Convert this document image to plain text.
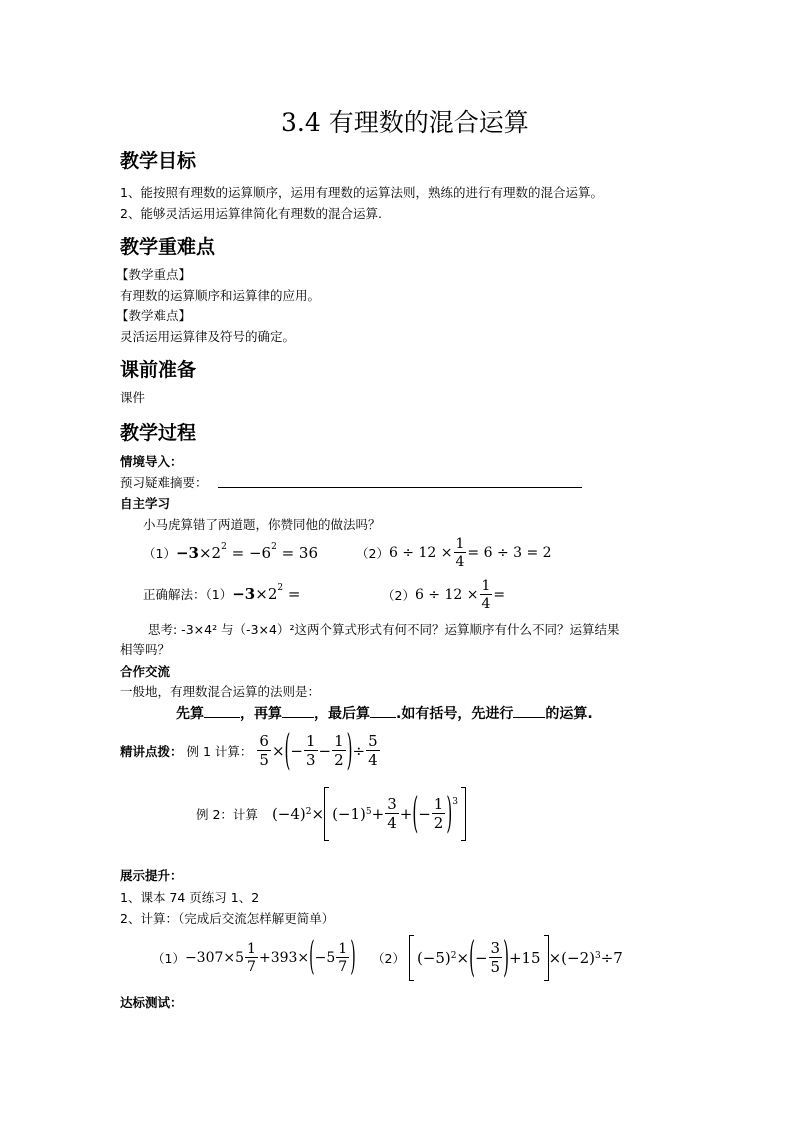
3.4 有理数的混合运算
教学目标
1、能按照有理数的运算顺序，运用有理数的运算法则，熟练的进行有理数的混合运算。
2、能够灵活运用运算律简化有理数的混合运算.
教学重难点
【教学重点】
有理数的运算顺序和运算律的应用。
【教学难点】
灵活运用运算律及符号的确定。
课前准备
课件
教学过程
情境导入：
预习疑难摘要：
自主学习
小马虎算错了两道题，你赞同他的做法吗？
$(1) -3\times 2^2 = -6^2 = 36$	（2） $6 \div 12 \times \frac{1}{4} = 6 \div 3 = 2$
正确解法：$(1) -3\times 2^2$ =	（2） $6 \div 12 \times \frac{1}{4}$ =
思考: -3×4² 与（-3×4）²这两个算式形式有何不同？运算顺序有什么不同？运算结果
相等吗？
合作交流
一般地，有理数混合运算的法则是：
先算	，再算 ，最后算 .如有括号，先进行 的运算.
精讲点拨： 例 1 计算： $\frac{6}{5}$ × ( − $\frac{1}{3} - \frac{1}{2}$ ) ÷ $\frac{5}{4}$
例 2：计算 $(-4)^2 \times (-1)^5 + \frac{3}{4}$ + ( − $\frac{1}{2} )^3$
展示提升：
1、课本 74 页练习 1、2
2、计算：（完成后交流怎样解更简单）
$(1) -307\times 5 \frac{1}{7} +393\times$ ( $-5 \frac{1}{7}$ ) （2） $(-5)^2$ × ( − $\frac{3}{5}$ ) $+15 \times(-2)^3 \div 7$
达标测试：
